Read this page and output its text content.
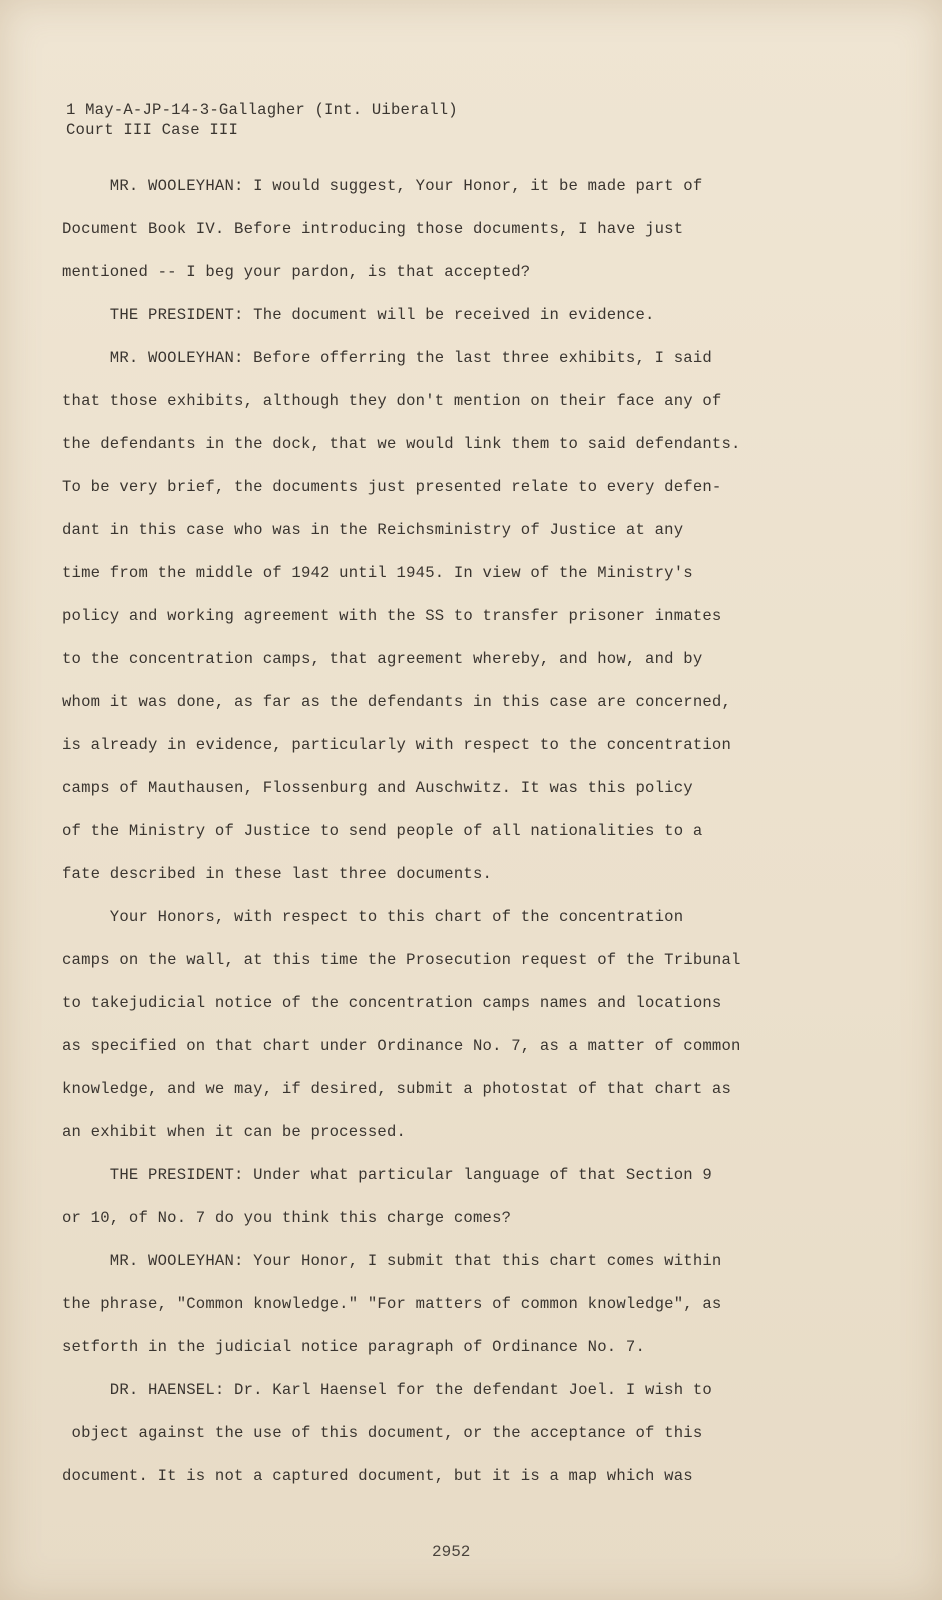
1 May-A-JP-14-3-Gallagher (Int. Uiberall)
Court III Case III
MR. WOOLEYHAN: I would suggest, Your Honor, it be made part of
Document Book IV. Before introducing those documents, I have just
mentioned -- I beg your pardon, is that accepted?
THE PRESIDENT: The document will be received in evidence.
MR. WOOLEYHAN: Before offerring the last three exhibits, I said
that those exhibits, although they don't mention on their face any of
the defendants in the dock, that we would link them to said defendants.
To be very brief, the documents just presented relate to every defen-
dant in this case who was in the Reichsministry of Justice at any
time from the middle of 1942 until 1945. In view of the Ministry's
policy and working agreement with the SS to transfer prisoner inmates
to the concentration camps, that agreement whereby, and how, and by
whom it was done, as far as the defendants in this case are concerned,
is already in evidence, particularly with respect to the concentration
camps of Mauthausen, Flossenburg and Auschwitz. It was this policy
of the Ministry of Justice to send people of all nationalities to a
fate described in these last three documents.
Your Honors, with respect to this chart of the concentration
camps on the wall, at this time the Prosecution request of the Tribunal
to takejudicial notice of the concentration camps names and locations
as specified on that chart under Ordinance No. 7, as a matter of common
knowledge, and we may, if desired, submit a photostat of that chart as
an exhibit when it can be processed.
THE PRESIDENT: Under what particular language of that Section 9
or 10, of No. 7 do you think this charge comes?
MR. WOOLEYHAN: Your Honor, I submit that this chart comes within
the phrase, "Common knowledge." "For matters of common knowledge", as
setforth in the judicial notice paragraph of Ordinance No. 7.
DR. HAENSEL: Dr. Karl Haensel for the defendant Joel. I wish to
object against the use of this document, or the acceptance of this
document. It is not a captured document, but it is a map which was
2952
